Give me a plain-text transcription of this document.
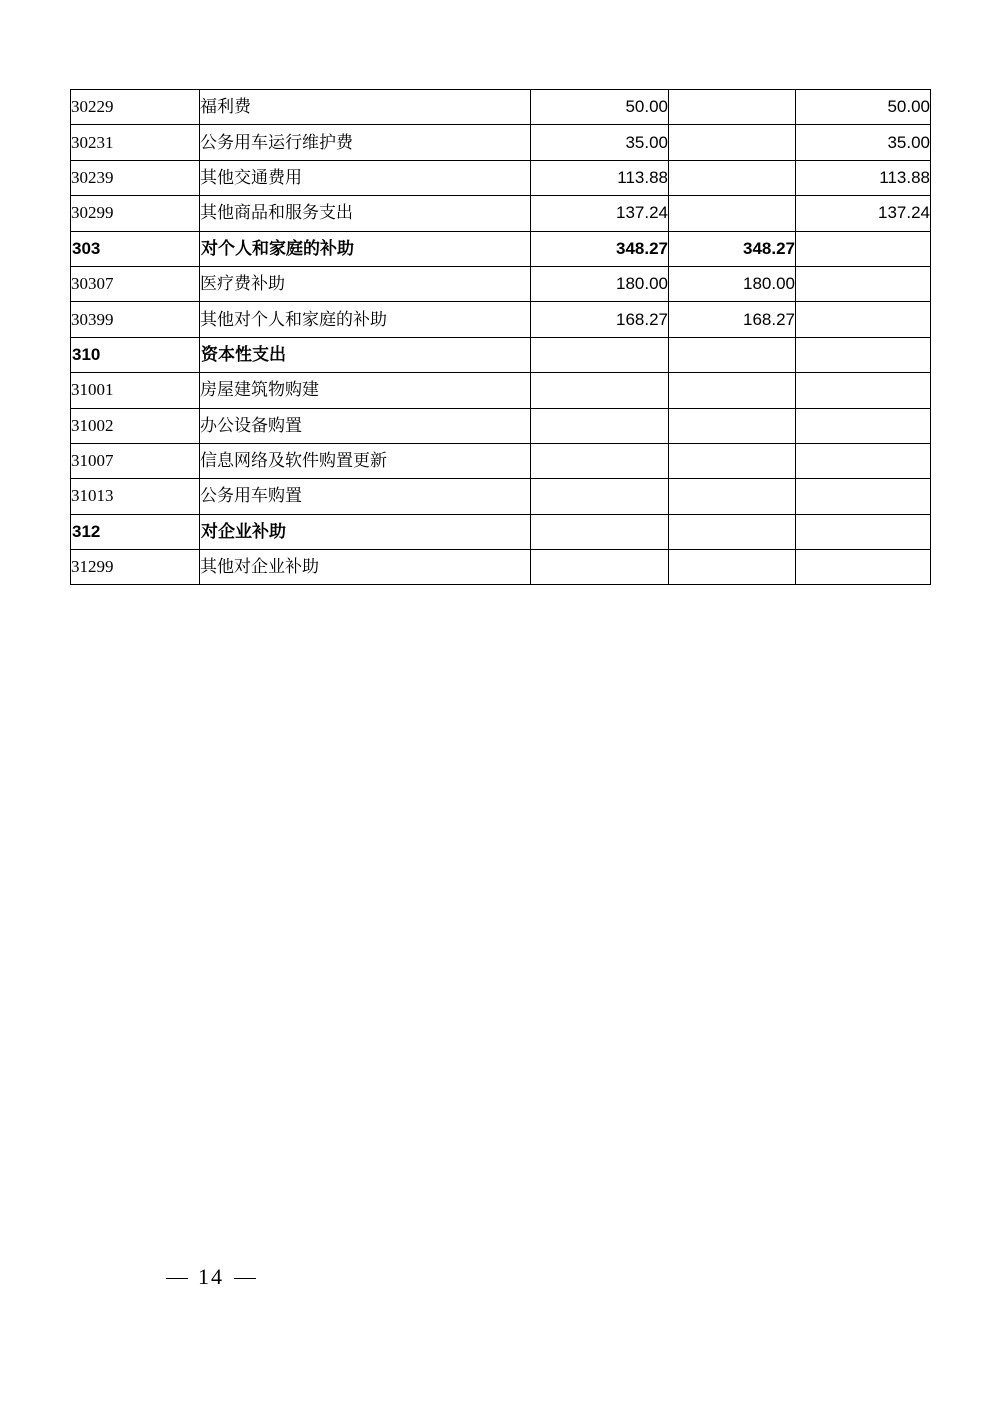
30229	福利费	50.00		50.00
30231	公务用车运行维护费	35.00		35.00
30239	其他交通费用	113.88		113.88
30299	其他商品和服务支出	137.24		137.24
303	对个人和家庭的补助	348.27	348.27	
30307	医疗费补助	180.00	180.00	
30399	其他对个人和家庭的补助	168.27	168.27	
310	资本性支出			
31001	房屋建筑物购建			
31002	办公设备购置			
31007	信息网络及软件购置更新			
31013	公务用车购置			
312	对企业补助			
31299	其他对企业补助			
14
